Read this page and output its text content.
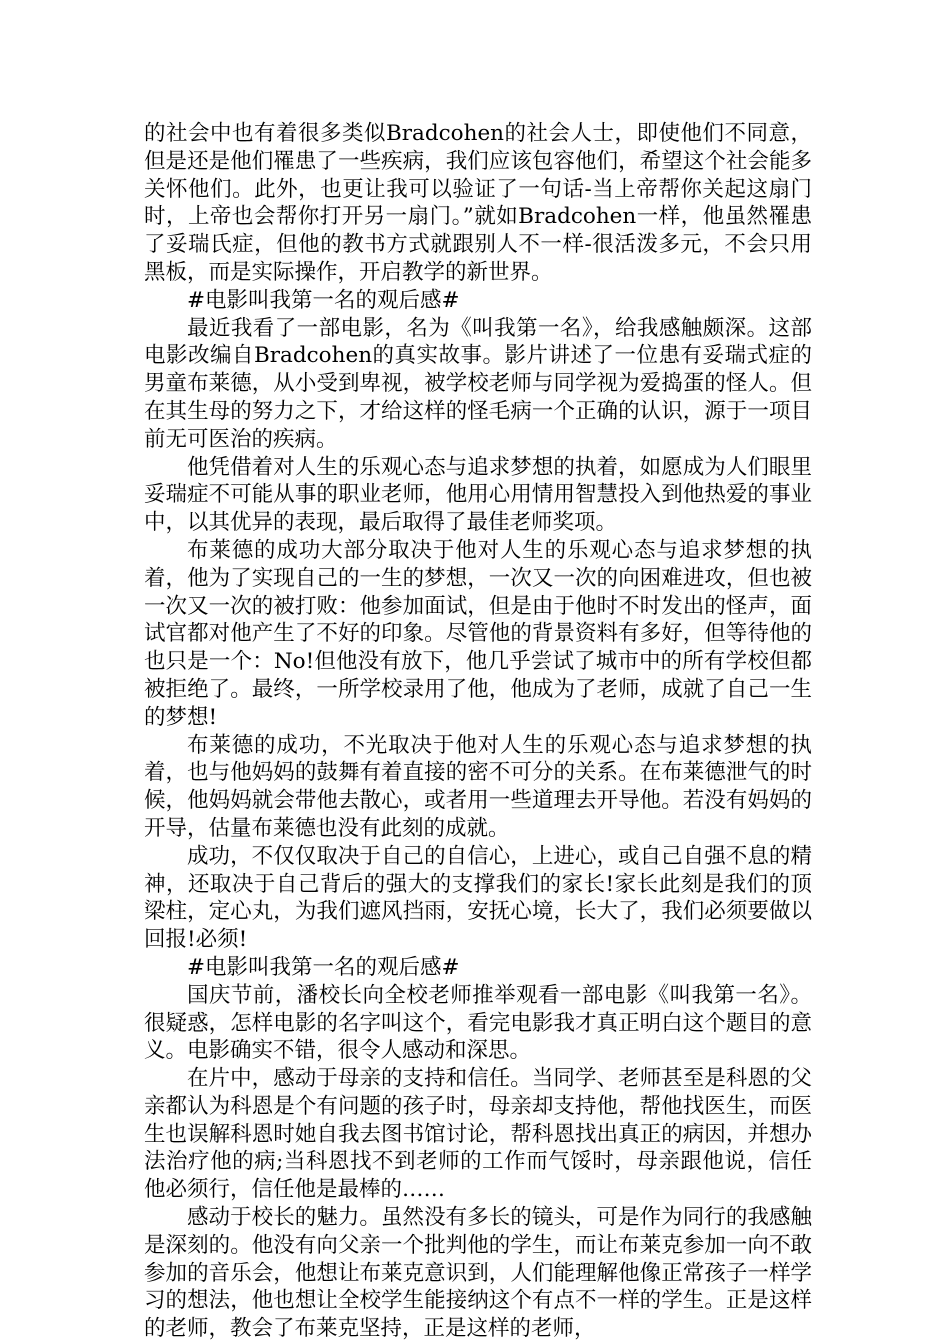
的社会中也有着很多类似Bradcohen的社会人士，即使他们不同意，但是还是他们罹患了一些疾病，我们应该包容他们，希望这个社会能多关怀他们。此外，也更让我可以验证了一句话-当上帝帮你关起这扇门时，上帝也会帮你打开另一扇门。”就如Bradcohen一样，他虽然罹患了妥瑞氏症，但他的教书方式就跟别人不一样-很活泼多元，不会只用黑板，而是实际操作，开启教学的新世界。

#电影叫我第一名的观后感#

最近我看了一部电影，名为《叫我第一名》，给我感触颇深。这部电影改编自Bradcohen的真实故事。影片讲述了一位患有妥瑞式症的男童布莱德，从小受到卑视，被学校老师与同学视为爱捣蛋的怪人。但在其生母的努力之下，才给这样的怪毛病一个正确的认识，源于一项目前无可医治的疾病。

他凭借着对人生的乐观心态与追求梦想的执着，如愿成为人们眼里妥瑞症不可能从事的职业老师，他用心用情用智慧投入到他热爱的事业中，以其优异的表现，最后取得了最佳老师奖项。

布莱德的成功大部分取决于他对人生的乐观心态与追求梦想的执着，他为了实现自己的一生的梦想，一次又一次的向困难进攻，但也被一次又一次的被打败：他参加面试，但是由于他时不时发出的怪声，面试官都对他产生了不好的印象。尽管他的背景资料有多好，但等待他的也只是一个：No!但他没有放下，他几乎尝试了城市中的所有学校但都被拒绝了。最终，一所学校录用了他，他成为了老师，成就了自己一生的梦想!

布莱德的成功，不光取决于他对人生的乐观心态与追求梦想的执着，也与他妈妈的鼓舞有着直接的密不可分的关系。在布莱德泄气的时候，他妈妈就会带他去散心，或者用一些道理去开导他。若没有妈妈的开导，估量布莱德也没有此刻的成就。

成功，不仅仅取决于自己的自信心，上进心，或自己自强不息的精神，还取决于自己背后的强大的支撑我们的家长!家长此刻是我们的顶梁柱，定心丸，为我们遮风挡雨，安抚心境，长大了，我们必须要做以回报!必须!

#电影叫我第一名的观后感#

国庆节前，潘校长向全校老师推举观看一部电影《叫我第一名》。很疑惑，怎样电影的名字叫这个，看完电影我才真正明白这个题目的意义。电影确实不错，很令人感动和深思。

在片中，感动于母亲的支持和信任。当同学、老师甚至是科恩的父亲都认为科恩是个有问题的孩子时，母亲却支持他，帮他找医生，而医生也误解科恩时她自我去图书馆讨论，帮科恩找出真正的病因，并想办法治疗他的病;当科恩找不到老师的工作而气馁时，母亲跟他说，信任他必须行，信任他是最棒的……

感动于校长的魅力。虽然没有多长的镜头，可是作为同行的我感触是深刻的。他没有向父亲一个批判他的学生，而让布莱克参加一向不敢参加的音乐会，他想让布莱克意识到，人们能理解他像正常孩子一样学习的想法，他也想让全校学生能接纳这个有点不一样的学生。正是这样的老师，教会了布莱克坚持，正是这样的老师，
